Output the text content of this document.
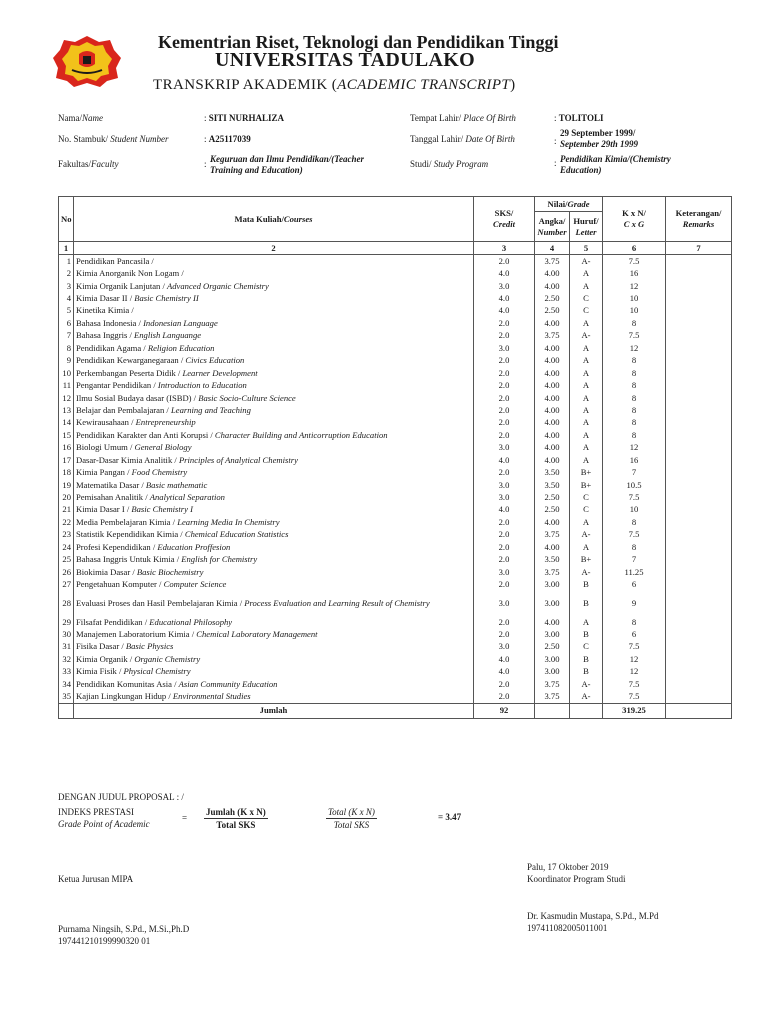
Kementrian Riset, Teknologi dan Pendidikan Tinggi
UNIVERSITAS TADULAKO
TRANSKRIP AKADEMIK (ACADEMIC TRANSCRIPT)
Nama/Name	: SITI NURHALIZA
No. Stambuk/ Student Number	: A25117039
Fakultas/Faculty	: Keguruan dan Ilmu Pendidikan/(Teacher
Training and Education)
Tempat Lahir/ Place Of Birth	: TOLITOLI
Tanggal Lahir/ Date Of Birth	:
29 September 1999/
September 29th 1999
Studi/ Study Program	: Pendidikan Kimia/(Chemistry
Education)
No	Mata Kuliah/Courses	SKS/
Credit	Nilai/Grade		K x N/
C x G	Keterangan/
Remarks

			Angka/
Number	Huruf/
Letter		
1	2	3	4	5	6	7
1	Pendidikan Pancasila /	2.0	3.75	A-	7.5	
2	Kimia Anorganik Non Logam /	4.0	4.00	A	16	
3	Kimia Organik Lanjutan / Advanced Organic Chemistry	3.0	4.00	A	12	
4	Kimia Dasar II / Basic Chemistry II	4.0	2.50	C	10	
5	Kinetika Kimia /	4.0	2.50	C	10	
6	Bahasa Indonesia / Indonesian Language	2.0	4.00	A	8	
7	Bahasa Inggris / English Languange	2.0	3.75	A-	7.5	
8	Pendidikan Agama / Religion Education	3.0	4.00	A	12	
9	Pendidikan Kewarganegaraan / Civics Education	2.0	4.00	A	8	
10	Perkembangan Peserta Didik / Learner Development	2.0	4.00	A	8	
11	Pengantar Pendidikan / Introduction to Education	2.0	4.00	A	8	
12	Ilmu Sosial Budaya dasar (ISBD) / Basic Socio-Culture Science	2.0	4.00	A	8	
13	Belajar dan Pembalajaran / Learning and Teaching	2.0	4.00	A	8	
14	Kewirausahaan / Entrepreneurship	2.0	4.00	A	8	
15	Pendidikan Karakter dan Anti Korupsi / Character Building and Anticorruption Education	2.0	4.00	A	8	
16	Biologi Umum / General Biology	3.0	4.00	A	12	
17	Dasar-Dasar Kimia Analitik / Principles of Analytical Chemistry	4.0	4.00	A	16	
18	Kimia Pangan / Food Chemistry	2.0	3.50	B+	7	
19	Matematika Dasar / Basic mathematic	3.0	3.50	B+	10.5	
20	Pemisahan Analitik / Analytical Separation	3.0	2.50	C	7.5	
21	Kimia Dasar I / Basic Chemistry I	4.0	2.50	C	10	
22	Media Pembelajaran Kimia / Learning Media In Chemistry	2.0	4.00	A	8	
23	Statistik Kependidikan Kimia / Chemical Education Statistics	2.0	3.75	A-	7.5	
24	Profesi Kependidikan / Education Proffesion	2.0	4.00	A	8	
25	Bahasa Inggris Untuk Kimia / English for Chemistry	2.0	3.50	B+	7	
26	Biokimia Dasar / Basic Biochemistry	3.0	3.75	A-	11.25	
27	Pengetahuan Komputer / Computer Science	2.0	3.00	B	6	
28	Evaluasi Proses dan Hasil Pembelajaran Kimia / Process Evaluation and Learning Result of Chemistry	3.0	3.00	B	9	
29	Filsafat Pendidikan / Educational Philosophy	2.0	4.00	A	8	
30	Manajemen Laboratorium Kimia / Chemical Laboratory Management	2.0	3.00	B	6	
31	Fisika Dasar / Basic Physics	3.0	2.50	C	7.5	
32	Kimia Organik / Organic Chemistry	4.0	3.00	B	12	
33	Kimia Fisik / Physical Chemistry	4.0	3.00	B	12	
34	Pendidikan Komunitas Asia / Asian Community Education	2.0	3.75	A-	7.5	
35	Kajian Lingkungan Hidup / Environmental Studies	2.0	3.75	A-	7.5	
	Jumlah	92			319.25	
DENGAN JUDUL PROPOSAL : /
INDEKS PRESTASI
Grade Point of Academic
=
Jumlah (K x N)
Total SKS
Total (K x N)
Total SKS
= 3.47
Palu, 17 Oktober 2019
Ketua Jurusan MIPA	Koordinator Program Studi
Dr. Kasmudin Mustapa, S.Pd., M.Pd
197411082005011001
Purnama Ningsih, S.Pd., M.Si.,Ph.D
197441210199990320 01
